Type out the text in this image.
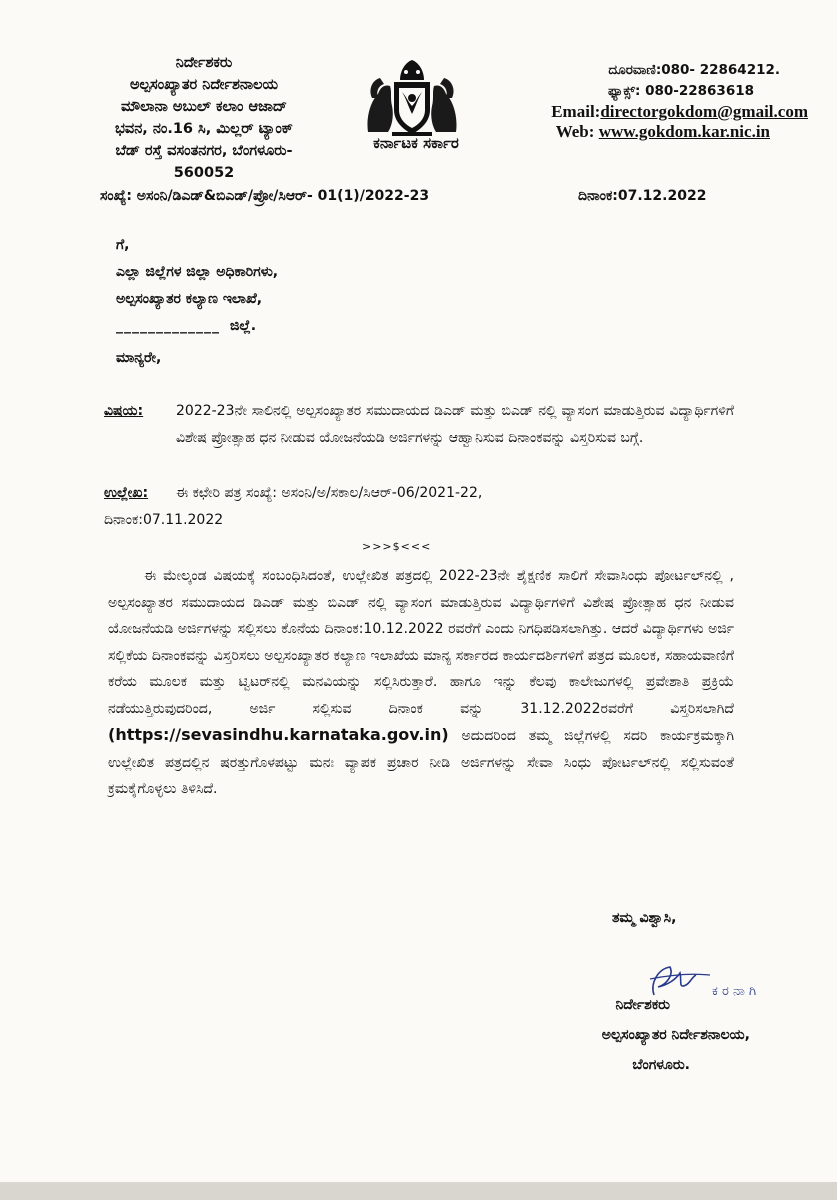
ನಿರ್ದೇಶಕರು
ಅಲ್ಪಸಂಖ್ಯಾತರ ನಿರ್ದೇಶನಾಲಯ
ಮೌಲಾನಾ ಅಬುಲ್ ಕಲಾಂ ಆಜಾದ್
ಭವನ, ನಂ.16 ಸಿ, ಮಿಲ್ಲರ್ ಟ್ಯಾಂಕ್
ಬೆಡ್ ರಸ್ತೆ ವಸಂತನಗರ, ಬೆಂಗಳೂರು-
560052
ಕರ್ನಾಟಕ ಸರ್ಕಾರ
ದೂರವಾಣಿ:080- 22864212.
ಫ್ಯಾಕ್ಸ್: 080-22863618
Email:directorgokdom@gmail.com
Web: www.gokdom.kar.nic.in
ಸಂಖ್ಯೆ: ಅಸಂನಿ/ಡಿಎಡ್&ಬಿಎಡ್/ಪ್ರೋ/ಸಿಆರ್- 01(1)/2022-23	ದಿನಾಂಕ:07.12.2022
ಗೆ,
ಎಲ್ಲಾ ಜಿಲ್ಲೆಗಳ ಜಿಲ್ಲಾ ಅಧಿಕಾರಿಗಳು,
ಅಲ್ಪಸಂಖ್ಯಾತರ ಕಲ್ಯಾಣ ಇಲಾಖೆ,
_____________ ಜಿಲ್ಲೆ.
ಮಾನ್ಯರೇ,
ವಿಷಯ: 2022-23ನೇ ಸಾಲಿನಲ್ಲಿ ಅಲ್ಪಸಂಖ್ಯಾತರ ಸಮುದಾಯದ ಡಿಎಡ್ ಮತ್ತು ಬಿಎಡ್ ನಲ್ಲಿ ವ್ಯಾಸಂಗ ಮಾಡುತ್ತಿರುವ ವಿದ್ಯಾರ್ಥಿಗಳಿಗೆ ವಿಶೇಷ ಪ್ರೋತ್ಸಾಹ ಧನ ನೀಡುವ ಯೋಜನೆಯಡಿ ಅರ್ಜಿಗಳನ್ನು ಆಹ್ವಾನಿಸುವ ದಿನಾಂಕವನ್ನು ವಿಸ್ತರಿಸುವ ಬಗ್ಗೆ.
ಉಲ್ಲೇಖ: ಈ ಕಛೇರಿ ಪತ್ರ ಸಂಖ್ಯೆ: ಅಸಂನಿ/ಅ/ಸಕಾಲ/ಸಿಆರ್-06/2021-22,
ದಿನಾಂಕ:07.11.2022
>>>$<<<
ಈ ಮೇಲ್ಕಂಡ ವಿಷಯಕ್ಕೆ ಸಂಬಂಧಿಸಿದಂತೆ, ಉಲ್ಲೇಖಿತ ಪತ್ರದಲ್ಲಿ 2022-23ನೇ ಶೈಕ್ಷಣಿಕ ಸಾಲಿಗೆ ಸೇವಾಸಿಂಧು ಪೋರ್ಟಲ್‌ನಲ್ಲಿ , ಅಲ್ಪಸಂಖ್ಯಾತರ ಸಮುದಾಯದ ಡಿಎಡ್ ಮತ್ತು ಬಿಎಡ್ ನಲ್ಲಿ ವ್ಯಾಸಂಗ ಮಾಡುತ್ತಿರುವ ವಿದ್ಯಾರ್ಥಿಗಳಿಗೆ ವಿಶೇಷ ಪ್ರೋತ್ಸಾಹ ಧನ ನೀಡುವ ಯೋಜನೆಯಡಿ ಅರ್ಜಿಗಳನ್ನು ಸಲ್ಲಿಸಲು ಕೊನೆಯ ದಿನಾಂಕ:10.12.2022 ರವರೆಗೆ ಎಂದು ನಿಗಧಿಪಡಿಸಲಾಗಿತ್ತು. ಆದರೆ ವಿದ್ಯಾರ್ಥಿಗಳು ಅರ್ಜಿ ಸಲ್ಲಿಕೆಯ ದಿನಾಂಕವನ್ನು ವಿಸ್ತರಿಸಲು ಅಲ್ಪಸಂಖ್ಯಾತರ ಕಲ್ಯಾಣ ಇಲಾಖೆಯ ಮಾನ್ಯ ಸರ್ಕಾರದ ಕಾರ್ಯದರ್ಶಿಗಳಿಗೆ ಪತ್ರದ ಮೂಲಕ, ಸಹಾಯವಾಣಿಗೆ ಕರೆಯ ಮೂಲಕ ಮತ್ತು ಟ್ವಿಟರ್‌ನಲ್ಲಿ ಮನವಿಯನ್ನು ಸಲ್ಲಿಸಿರುತ್ತಾರೆ. ಹಾಗೂ ಇನ್ನು ಕೆಲವು ಕಾಲೇಜುಗಳಲ್ಲಿ ಪ್ರವೇಶಾತಿ ಪ್ರಕ್ರಿಯೆ ನಡೆಯುತ್ತಿರುವುದರಿಂದ, ಅರ್ಜಿ ಸಲ್ಲಿಸುವ ದಿನಾಂಕ ವನ್ನು 31.12.2022ರವರೆಗೆ ವಿಸ್ತರಿಸಲಾಗಿದೆ (https://sevasindhu.karnataka.gov.in) ಅದುದರಿಂದ ತಮ್ಮ ಜಿಲ್ಲೆಗಳಲ್ಲಿ ಸದರಿ ಕಾರ್ಯಕ್ರಮಕ್ಕಾಗಿ ಉಲ್ಲೇಖಿತ ಪತ್ರದಲ್ಲಿನ ಷರತ್ತುಗೊಳಪಟ್ಟು ಮನಃ ವ್ಯಾಪಕ ಪ್ರಚಾರ ನೀಡಿ ಅರ್ಜಿಗಳನ್ನು ಸೇವಾ ಸಿಂಧು ಪೋರ್ಟಲ್‌ನಲ್ಲಿ ಸಲ್ಲಿಸುವಂತೆ ಕ್ರಮಕೈಗೊಳ್ಳಲು ತಿಳಿಸಿದೆ.
ತಮ್ಮ ವಿಶ್ವಾಸಿ,
ಕ ರ ನಾ ಗಿ
ನಿರ್ದೇಶಕರು
ಅಲ್ಪಸಂಖ್ಯಾತರ ನಿರ್ದೇಶನಾಲಯ,
ಬೆಂಗಳೂರು.
